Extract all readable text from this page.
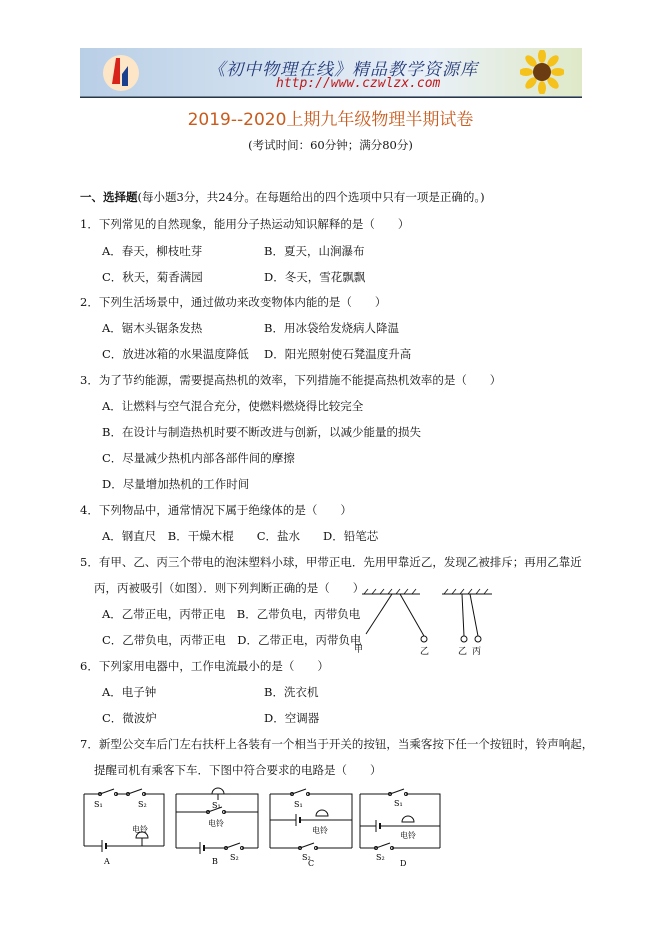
《初中物理在线》精品教学资源库
http://www.czwlzx.com
2019--2020上期九年级物理半期试卷
(考试时间：60分钟；满分80分)
一、选择题(每小题3分，共24分。在每题给出的四个选项中只有一项是正确的。)
1．下列常见的自然现象，能用分子热运动知识解释的是（　　）
A．春天，柳枝吐芽	B．夏天，山涧瀑布
C．秋天，菊香满园	D．冬天，雪花飘飘
2．下列生活场景中，通过做功来改变物体内能的是（　　）
A．锯木头锯条发热	B．用冰袋给发烧病人降温
C．放进冰箱的水果温度降低 D．阳光照射使石凳温度升高
3．为了节约能源，需要提高热机的效率，下列措施不能提高热机效率的是（　　）
A．让燃料与空气混合充分，使燃料燃烧得比较完全
B．在设计与制造热机时要不断改进与创新，以减少能量的损失
C．尽量减少热机内部各部件间的摩擦
D．尽量增加热机的工作时间
4．下列物品中，通常情况下属于绝缘体的是（　　）
A．钢直尺　B．干燥木棍　　C．盐水　　D．铅笔芯
5．有甲、乙、丙三个带电的泡沫塑料小球，甲带正电．先用甲靠近乙，发现乙被排斥；再用乙靠近
丙，丙被吸引（如图）．则下列判断正确的是（　　）
A．乙带正电，丙带正电　B．乙带负电，丙带负电
C．乙带负电，丙带正电　D．乙带正电，丙带负电
甲	乙	乙 丙
6．下列家用电器中，工作电流最小的是（　　）
A．电子钟	B．洗衣机
C．微波炉	D．空调器
7．新型公交车后门左右扶杆上各装有一个相当于开关的按钮，当乘客按下任一个按钮时，铃声响起，
提醒司机有乘客下车．下图中符合要求的电路是（　　）
S₁	S₂
电铃
A
S₁
电铃
S₂
B
S₁
电铃
S₂
C
S₁
电铃
S₂
D
